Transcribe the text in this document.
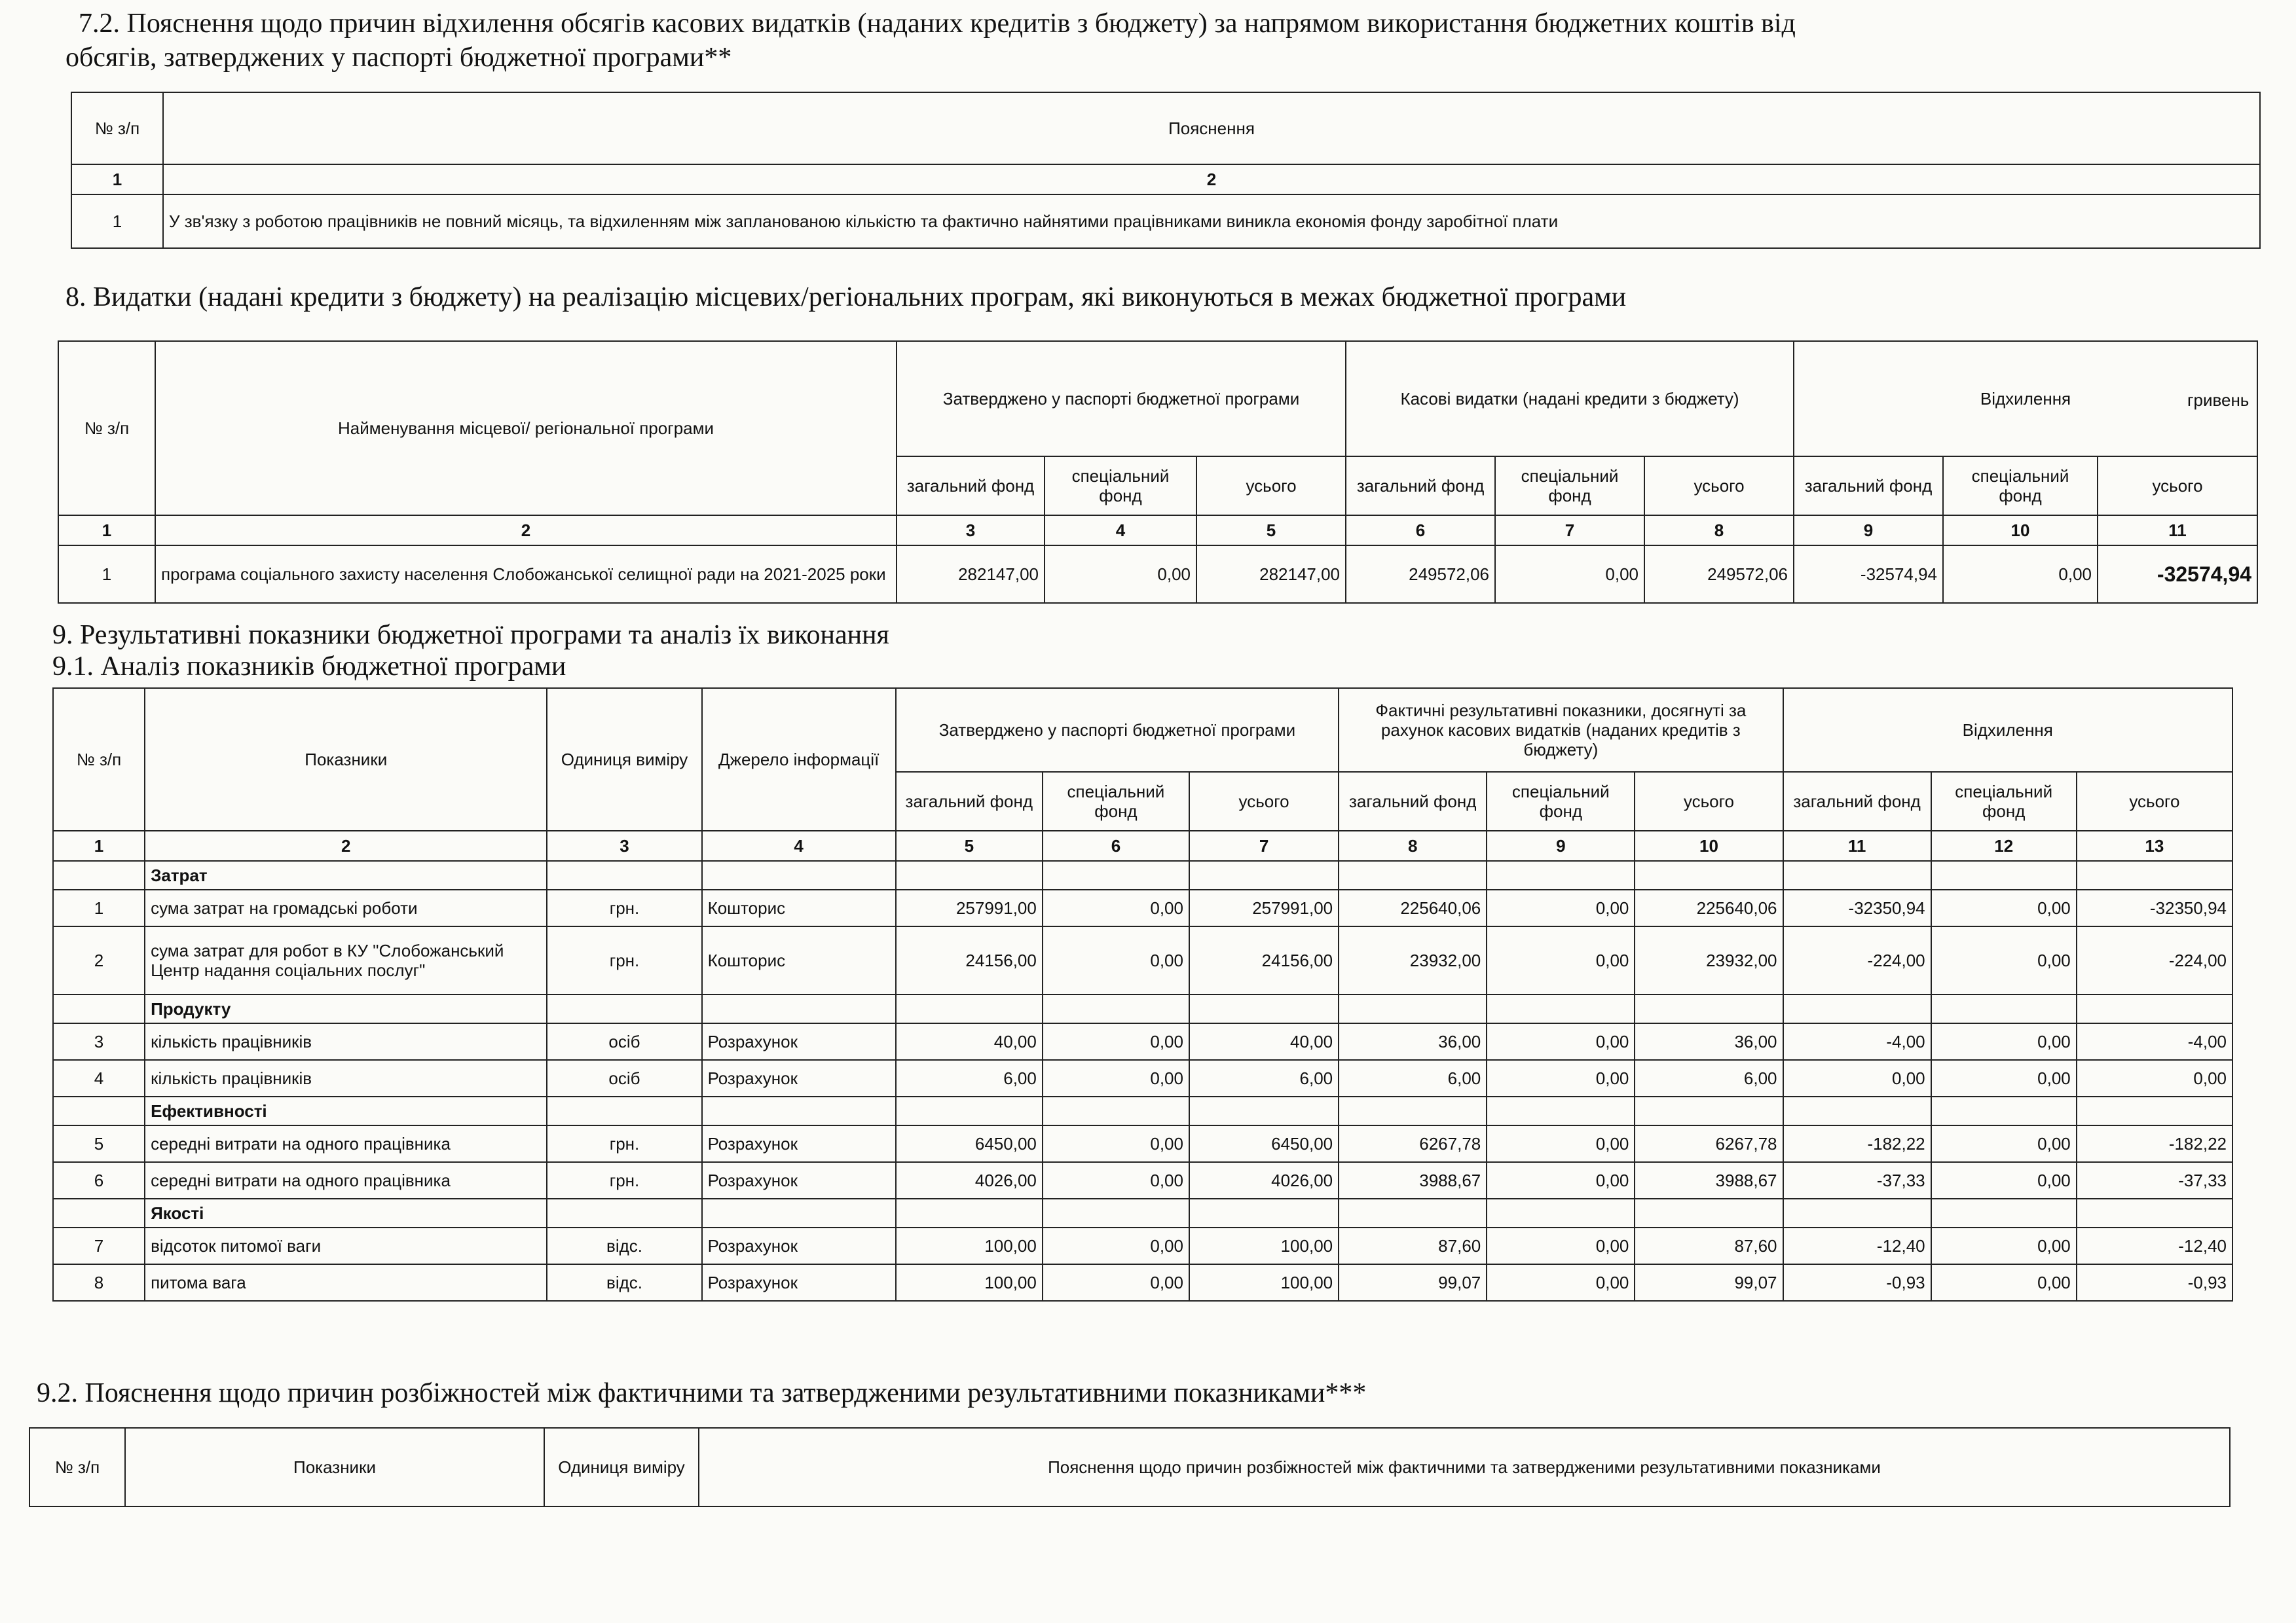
7.2. Пояснення щодо причин відхилення обсягів касових видатків (наданих кредитів з бюджету) за напрямом використання бюджетних коштів від
обсягів, затверджених у паспорті бюджетної програми**
№ з/п	Пояснення
1	2
1	У зв'язку з роботою працівників не повний місяць, та відхиленням між запланованою кількістю та фактично найнятими працівниками виникла економія фонду заробітної плати
8. Видатки (надані кредити з бюджету) на реалізацію місцевих/регіональних програм, які виконуються в межах бюджетної програми
гривень
№ з/п	Найменування місцевої/ регіональної програми	Затверджено у паспорті бюджетної програми			Касові видатки (надані кредити з бюджету)			Відхилення		
		загальний фонд	спеціальний фонд	усього	загальний фонд	спеціальний фонд	усього	загальний фонд	спеціальний фонд	усього
1	2	3	4	5	6	7	8	9	10	11
1	програма соціального захисту населення Слобожанської селищної ради на 2021-2025 роки	282147,00	0,00	282147,00	249572,06	0,00	249572,06	-32574,94	0,00	-32574,94
9. Результативні показники бюджетної програми та аналіз їх виконання
9.1. Аналіз показників бюджетної програми
№ з/п	Показники	Одиниця виміру	Джерело інформації	Затверджено у паспорті бюджетної програми			Фактичні результативні показники, досягнуті за рахунок касових видатків (наданих кредитів з бюджету)			Відхилення		
				загальний фонд	спеціальний фонд	усього	загальний фонд	спеціальний фонд	усього	загальний фонд	спеціальний фонд	усього
1	2	3	4	5	6	7	8	9	10	11	12	13
	Затрат											
1	сума затрат на громадські роботи	грн.	Кошторис	257991,00	0,00	257991,00	225640,06	0,00	225640,06	-32350,94	0,00	-32350,94
2	сума затрат для робот в КУ "Слобожанський Центр надання соціальних послуг"	грн.	Кошторис	24156,00	0,00	24156,00	23932,00	0,00	23932,00	-224,00	0,00	-224,00
	Продукту											
3	кількість працівників	осіб	Розрахунок	40,00	0,00	40,00	36,00	0,00	36,00	-4,00	0,00	-4,00
4	кількість працівників	осіб	Розрахунок	6,00	0,00	6,00	6,00	0,00	6,00	0,00	0,00	0,00
	Ефективності											
5	середні витрати на одного працівника	грн.	Розрахунок	6450,00	0,00	6450,00	6267,78	0,00	6267,78	-182,22	0,00	-182,22
6	середні витрати на одного працівника	грн.	Розрахунок	4026,00	0,00	4026,00	3988,67	0,00	3988,67	-37,33	0,00	-37,33
	Якості											
7	відсоток питомої ваги	відс.	Розрахунок	100,00	0,00	100,00	87,60	0,00	87,60	-12,40	0,00	-12,40
8	питома вага	відс.	Розрахунок	100,00	0,00	100,00	99,07	0,00	99,07	-0,93	0,00	-0,93
9.2. Пояснення щодо причин розбіжностей між фактичними та затвердженими результативними показниками***
№ з/п	Показники	Одиниця виміру	Пояснення щодо причин розбіжностей між фактичними та затвердженими результативними показниками
